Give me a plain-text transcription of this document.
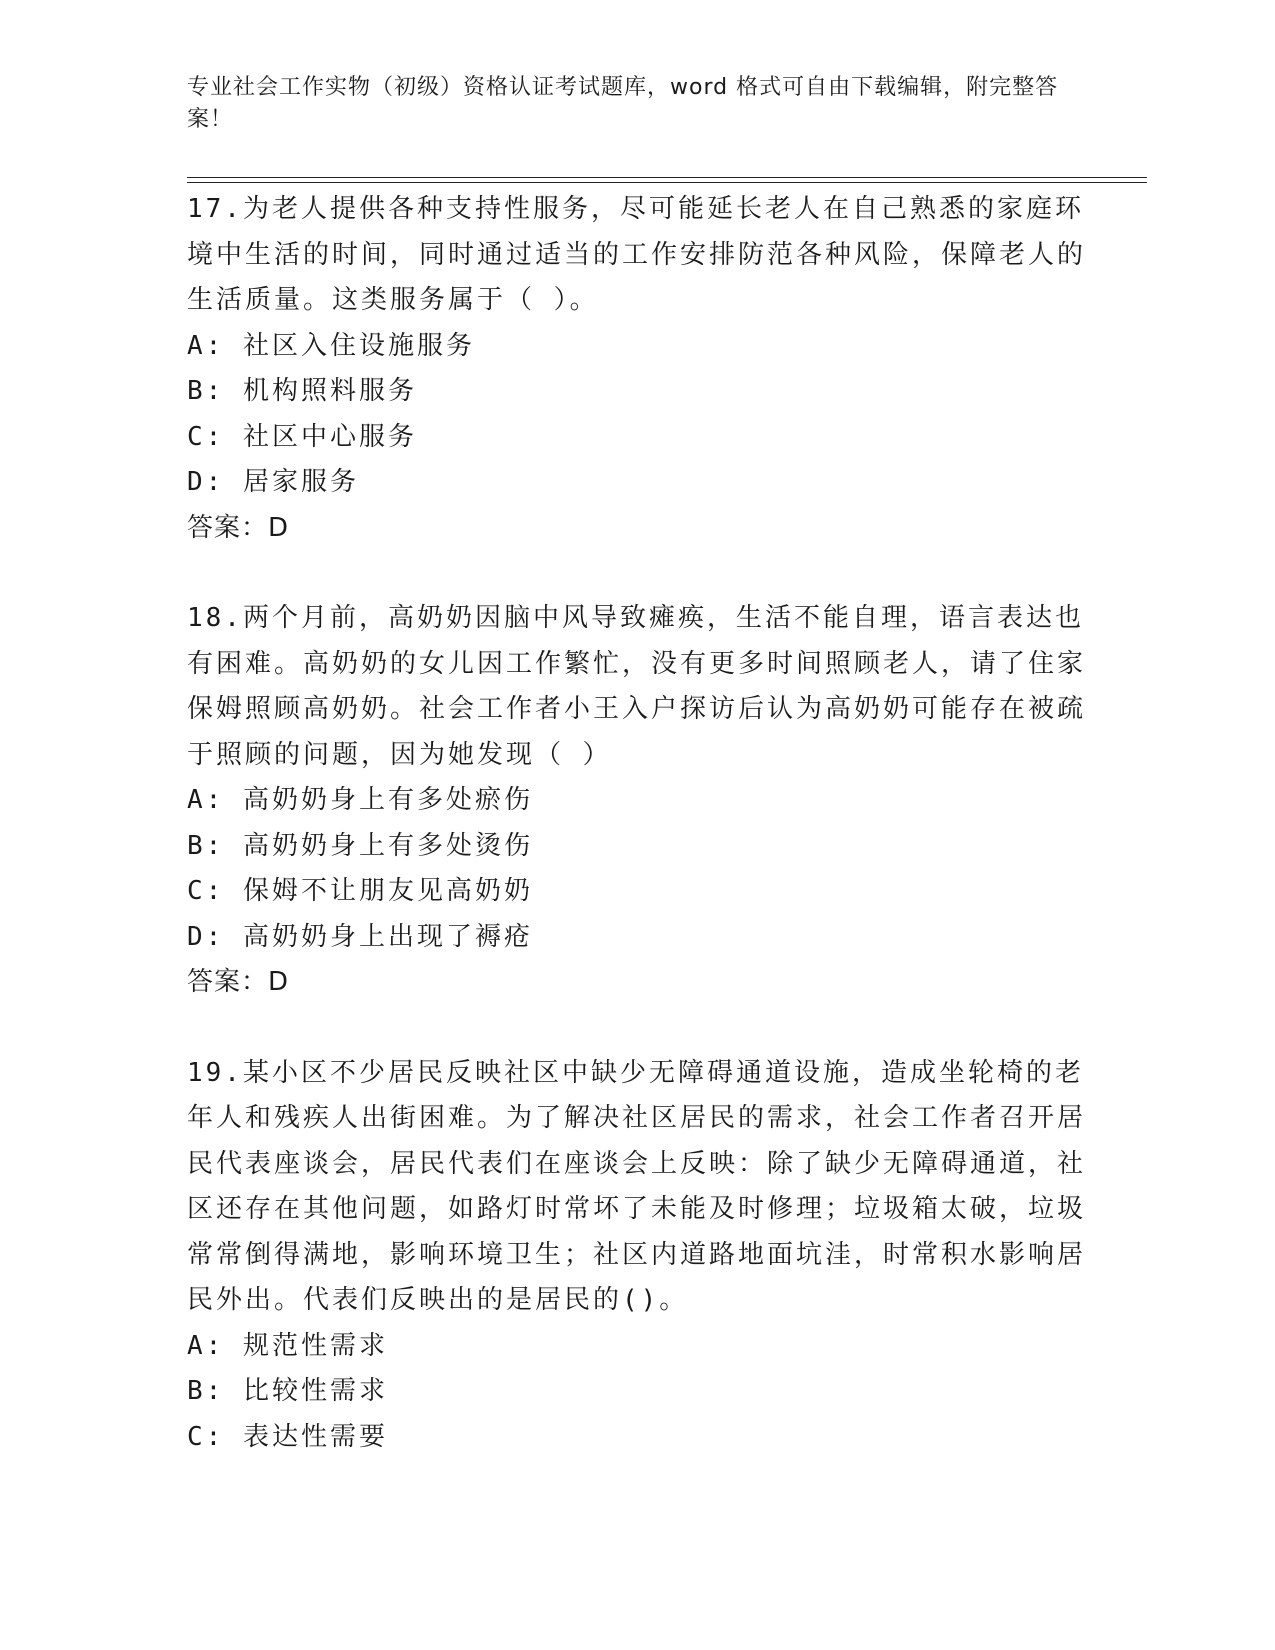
专业社会工作实物（初级）资格认证考试题库，word 格式可自由下载编辑，附完整答案！

17.为老人提供各种支持性服务，尽可能延长老人在自己熟悉的家庭环境中生活的时间，同时通过适当的工作安排防范各种风险，保障老人的生活质量。这类服务属于（ ）。

A: 社区入住设施服务
B: 机构照料服务
C: 社区中心服务
D: 居家服务
答案：D

18.两个月前，高奶奶因脑中风导致瘫痪，生活不能自理，语言表达也有困难。高奶奶的女儿因工作繁忙，没有更多时间照顾老人，请了住家保姆照顾高奶奶。社会工作者小王入户探访后认为高奶奶可能存在被疏于照顾的问题，因为她发现（ ）

A: 高奶奶身上有多处瘀伤
B: 高奶奶身上有多处烫伤
C: 保姆不让朋友见高奶奶
D: 高奶奶身上出现了褥疮
答案：D

19.某小区不少居民反映社区中缺少无障碍通道设施，造成坐轮椅的老年人和残疾人出街困难。为了解决社区居民的需求，社会工作者召开居民代表座谈会，居民代表们在座谈会上反映：除了缺少无障碍通道，社区还存在其他问题，如路灯时常坏了未能及时修理；垃圾箱太破，垃圾常常倒得满地，影响环境卫生；社区内道路地面坑洼，时常积水影响居民外出。代表们反映出的是居民的()。

A: 规范性需求
B: 比较性需求
C: 表达性需要
